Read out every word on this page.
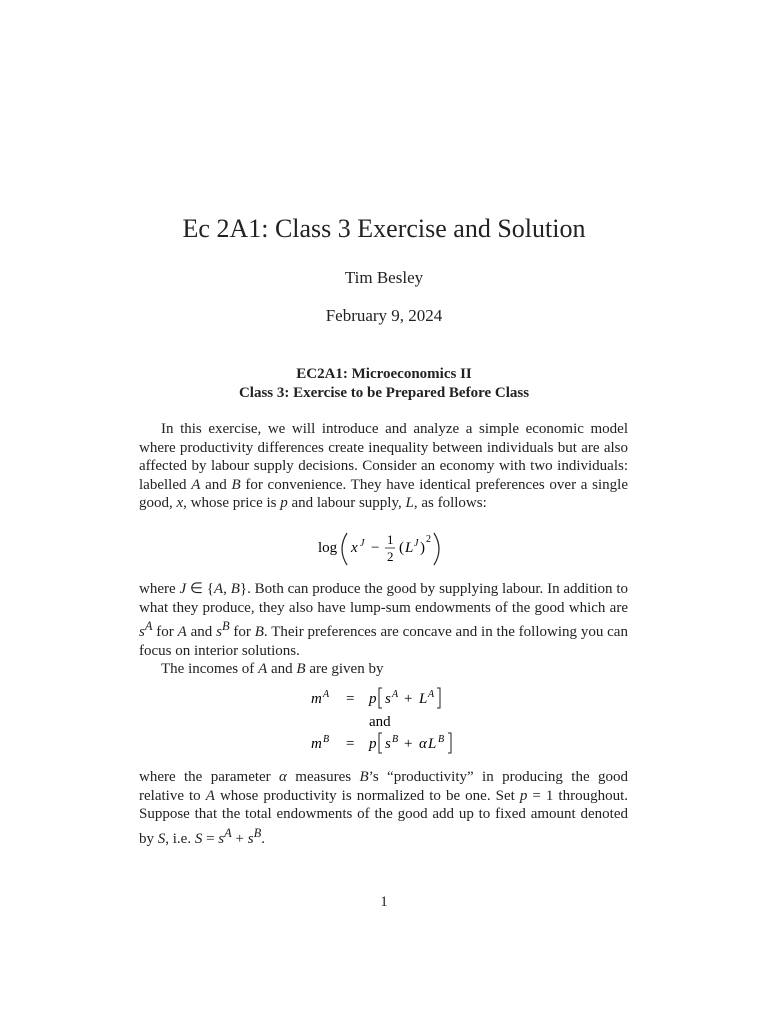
Ec 2A1: Class 3 Exercise and Solution
Tim Besley
February 9, 2024
EC2A1: Microeconomics II
Class 3: Exercise to be Prepared Before Class
In this exercise, we will introduce and analyze a simple economic model where productivity differences create inequality between individuals but are also affected by labour supply decisions. Consider an economy with two individuals: labelled A and B for convenience. They have identical preferences over a single good, x, whose price is p and labour supply, L, as follows:
log x J −
1
2
( L J )
2
where J ∈ {A, B}. Both can produce the good by supplying labour. In addition to what they produce, they also have lump-sum endowments of the good which are $s^A$ for A and $s^B$ for B. Their preferences are concave and in the following you can focus on interior solutions.
The incomes of A and B are given by
m A = p s A + L A
and
m B = p s B + α L B
where the parameter α measures B’s “productivity” in producing the good relative to A whose productivity is normalized to be one. Set p = 1 throughout. Suppose that the total endowments of the good add up to fixed amount denoted by S, i.e. $S = s^A + s^B$.
1
